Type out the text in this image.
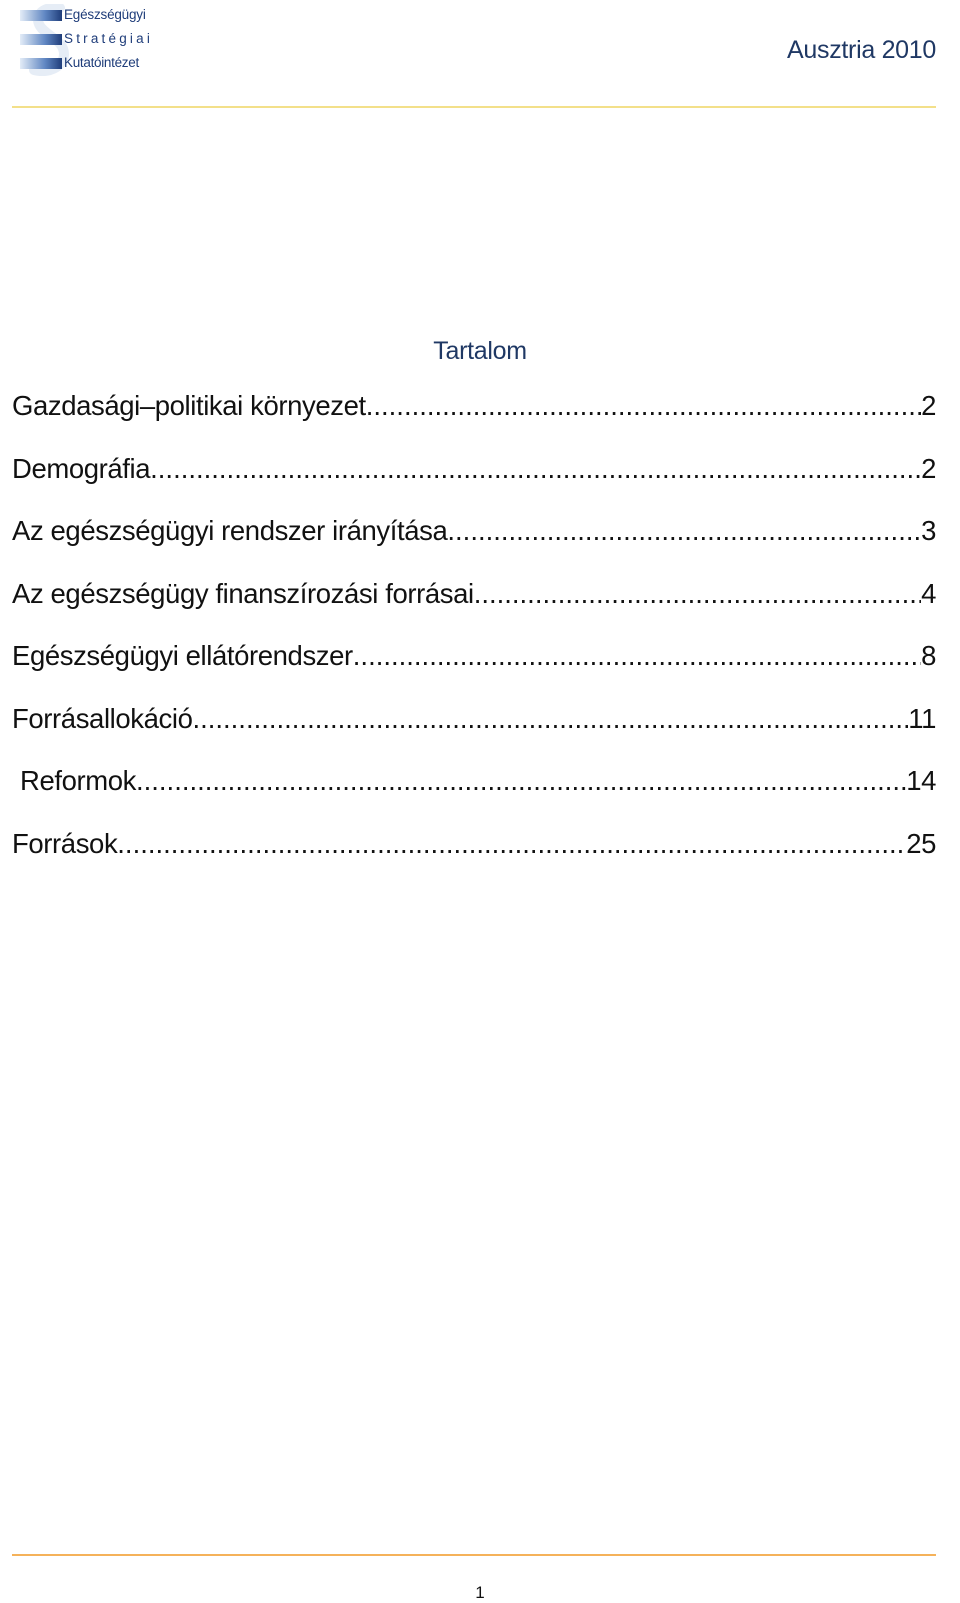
Egészségügyi
Stratégiai
Kutatóintézet	Ausztria 2010
Tartalom
Gazdasági–politikai környezet .....	2
Demográfia .....	2
Az egészségügyi rendszer irányítása .....	3
Az egészségügy finanszírozási forrásai .....	4
Egészségügyi ellátórendszer .....	8
Forrásallokáció .....	11
Reformok .....	14
Források .....	25
1
